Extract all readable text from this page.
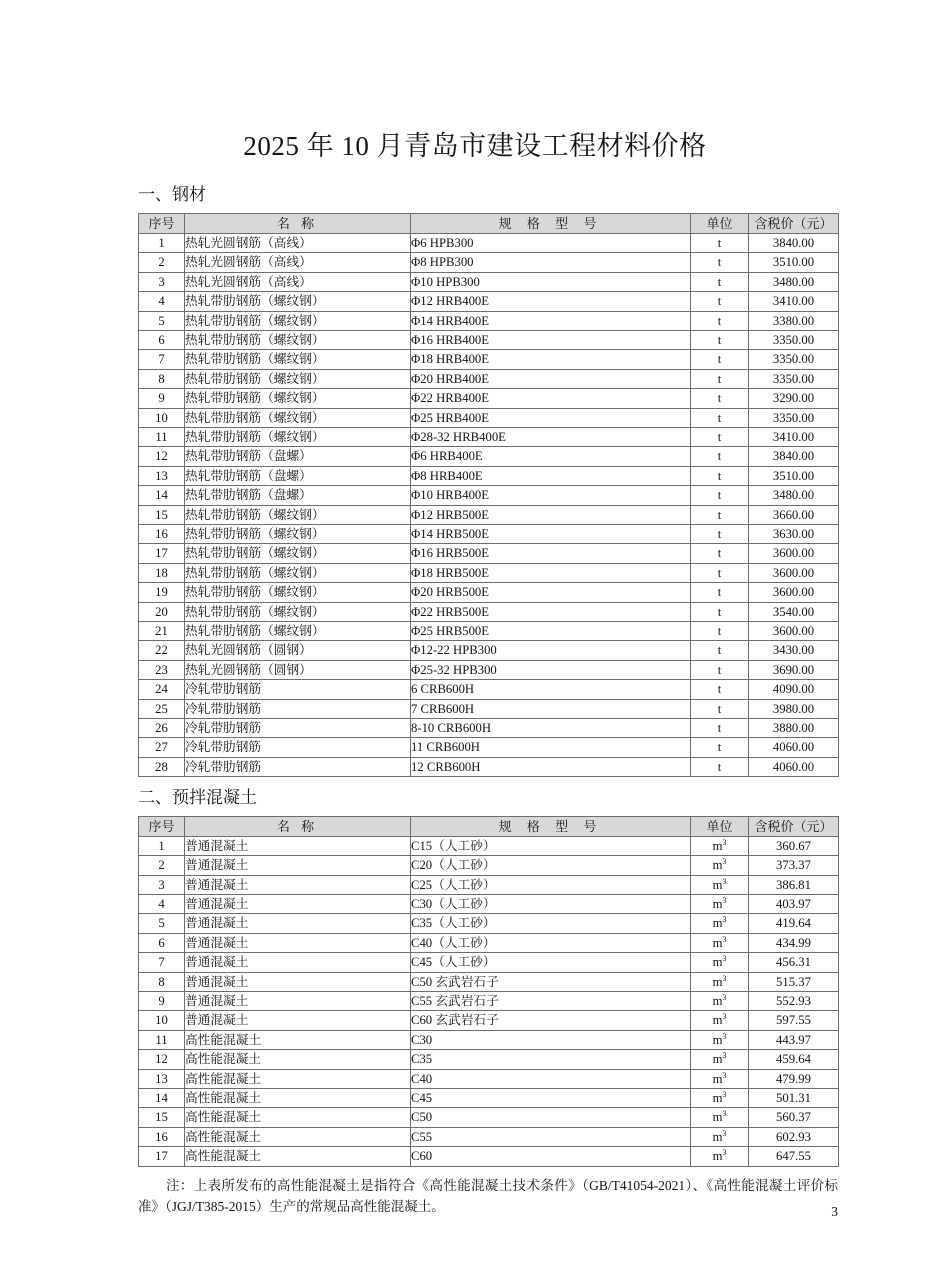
2025 年 10 月青岛市建设工程材料价格
一、钢材
序号	名 称	规 格 型 号	单位	含税价（元）
1	热轧光圆钢筋（高线）	Φ6 HPB300	t	3840.00
2	热轧光圆钢筋（高线）	Φ8 HPB300	t	3510.00
3	热轧光圆钢筋（高线）	Φ10 HPB300	t	3480.00
4	热轧带肋钢筋（螺纹钢）	Φ12 HRB400E	t	3410.00
5	热轧带肋钢筋（螺纹钢）	Φ14 HRB400E	t	3380.00
6	热轧带肋钢筋（螺纹钢）	Φ16 HRB400E	t	3350.00
7	热轧带肋钢筋（螺纹钢）	Φ18 HRB400E	t	3350.00
8	热轧带肋钢筋（螺纹钢）	Φ20 HRB400E	t	3350.00
9	热轧带肋钢筋（螺纹钢）	Φ22 HRB400E	t	3290.00
10	热轧带肋钢筋（螺纹钢）	Φ25 HRB400E	t	3350.00
11	热轧带肋钢筋（螺纹钢）	Φ28-32 HRB400E	t	3410.00
12	热轧带肋钢筋（盘螺）	Φ6 HRB400E	t	3840.00
13	热轧带肋钢筋（盘螺）	Φ8 HRB400E	t	3510.00
14	热轧带肋钢筋（盘螺）	Φ10 HRB400E	t	3480.00
15	热轧带肋钢筋（螺纹钢）	Φ12 HRB500E	t	3660.00
16	热轧带肋钢筋（螺纹钢）	Φ14 HRB500E	t	3630.00
17	热轧带肋钢筋（螺纹钢）	Φ16 HRB500E	t	3600.00
18	热轧带肋钢筋（螺纹钢）	Φ18 HRB500E	t	3600.00
19	热轧带肋钢筋（螺纹钢）	Φ20 HRB500E	t	3600.00
20	热轧带肋钢筋（螺纹钢）	Φ22 HRB500E	t	3540.00
21	热轧带肋钢筋（螺纹钢）	Φ25 HRB500E	t	3600.00
22	热轧光圆钢筋（圆钢）	Φ12-22 HPB300	t	3430.00
23	热轧光圆钢筋（圆钢）	Φ25-32 HPB300	t	3690.00
24	冷轧带肋钢筋	6 CRB600H	t	4090.00
25	冷轧带肋钢筋	7 CRB600H	t	3980.00
26	冷轧带肋钢筋	8-10 CRB600H	t	3880.00
27	冷轧带肋钢筋	11 CRB600H	t	4060.00
28	冷轧带肋钢筋	12 CRB600H	t	4060.00
二、预拌混凝土
序号	名 称	规 格 型 号	单位	含税价（元）
1	普通混凝土	C15（人工砂）	$m^3$	360.67
2	普通混凝土	C20（人工砂）	$m^3$	373.37
3	普通混凝土	C25（人工砂）	$m^3$	386.81
4	普通混凝土	C30（人工砂）	$m^3$	403.97
5	普通混凝土	C35（人工砂）	$m^3$	419.64
6	普通混凝土	C40（人工砂）	$m^3$	434.99
7	普通混凝土	C45（人工砂）	$m^3$	456.31
8	普通混凝土	C50 玄武岩石子	$m^3$	515.37
9	普通混凝土	C55 玄武岩石子	$m^3$	552.93
10	普通混凝土	C60 玄武岩石子	$m^3$	597.55
11	高性能混凝土	C30	$m^3$	443.97
12	高性能混凝土	C35	$m^3$	459.64
13	高性能混凝土	C40	$m^3$	479.99
14	高性能混凝土	C45	$m^3$	501.31
15	高性能混凝土	C50	$m^3$	560.37
16	高性能混凝土	C55	$m^3$	602.93
17	高性能混凝土	C60	$m^3$	647.55

注：上表所发布的高性能混凝土是指符合《高性能混凝土技术条件》（GB/T41054-2021）、《高性能混凝土评价标准》（JGJ/T385-2015）生产的常规品高性能混凝土。	3
